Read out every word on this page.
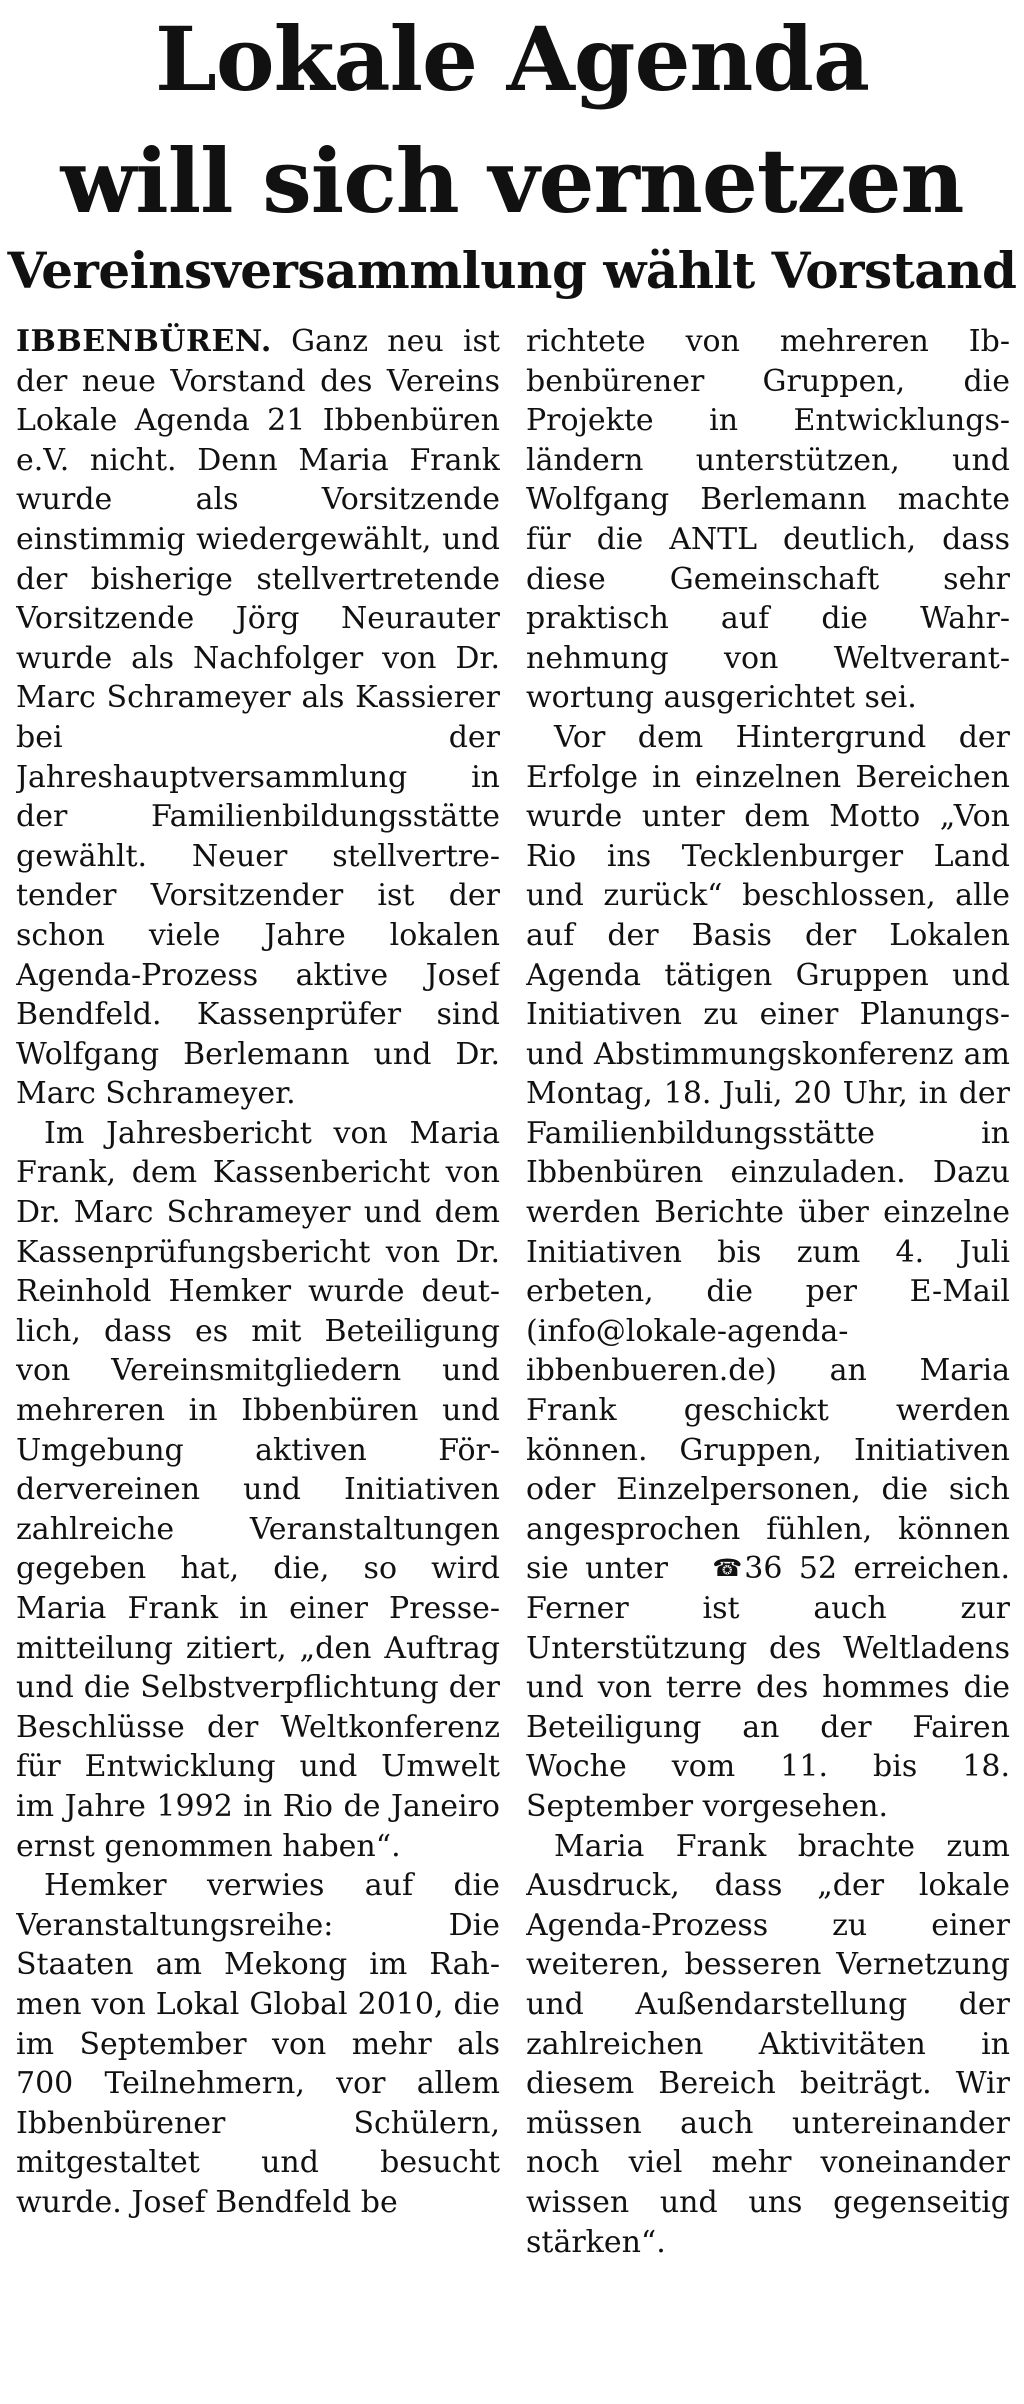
Lokale Agenda
will sich vernetzen
Vereinsversammlung wählt Vorstand

IBBENBÜREN. Ganz neu ist der neue Vorstand des Vereins Lokale Agenda 21 Ibbenbüren e.V. nicht. Denn Maria Frank wurde als Vorsitzende einstimmig wiedergewählt, und der bisherige stellvertretende Vorsitzende Jörg Neurauter wurde als Nachfolger von Dr. Marc Schrameyer als Kassierer bei der Jahreshauptversammlung in der Familienbildungsstätte gewählt. Neuer stellvertretender Vorsitzender ist der schon viele Jahre lokalen Agenda-Prozess aktive Josef Bendfeld. Kassenprüfer sind Wolfgang Berlemann und Dr. Marc Schrameyer.

Im Jahresbericht von Maria Frank, dem Kassenbericht von Dr. Marc Schrameyer und dem Kassenprüfungsbericht von Dr. Reinhold Hemker wurde deutlich, dass es mit Beteiligung von Vereinsmitgliedern und mehreren in Ibbenbüren und Umgebung aktiven Fördervereinen und Initiativen zahlreiche Veranstaltungen gegeben hat, die, so wird Maria Frank in einer Pressemitteilung zitiert, „den Auftrag und die Selbstverpflichtung der Beschlüsse der Weltkonferenz für Entwicklung und Umwelt im Jahre 1992 in Rio de Janeiro ernst genommen haben“.

Hemker verwies auf die Veranstaltungsreihe: Die Staaten am Mekong im Rahmen von Lokal Global 2010, die im September von mehr als 700 Teilnehmern, vor allem Ibbenbürener Schülern, mitgestaltet und besucht wurde. Josef Bendfeld be

richtete von mehreren Ibbenbürener Gruppen, die Projekte in Entwicklungsländern unterstützen, und Wolfgang Berlemann machte für die ANTL deutlich, dass diese Gemeinschaft sehr praktisch auf die Wahrnehmung von Weltverantwortung ausgerichtet sei.

Vor dem Hintergrund der Erfolge in einzelnen Bereichen wurde unter dem Motto „Von Rio ins Tecklenburger Land und zurück“ beschlossen, alle auf der Basis der Lokalen Agenda tätigen Gruppen und Initiativen zu einer Planungs- und Abstimmungskonferenz am Montag, 18. Juli, 20 Uhr, in der Familienbildungsstätte in Ibbenbüren einzuladen. Dazu werden Berichte über einzelne Initiativen bis zum 4. Juli erbeten, die per E-Mail (info@lokale-agenda-ibbenbueren.de) an Maria Frank geschickt werden können. Gruppen, Initiativen oder Einzelpersonen, die sich angesprochen fühlen, können sie unter ☎36 52 erreichen. Ferner ist auch zur Unterstützung des Weltladens und von terre des hommes die Beteiligung an der Fairen Woche vom 11. bis 18. September vorgesehen.

Maria Frank brachte zum Ausdruck, dass „der lokale Agenda-Prozess zu einer weiteren, besseren Vernetzung und Außendarstellung der zahlreichen Aktivitäten in diesem Bereich beiträgt. Wir müssen auch untereinander noch viel mehr voneinander wissen und uns gegenseitig stärken“.
